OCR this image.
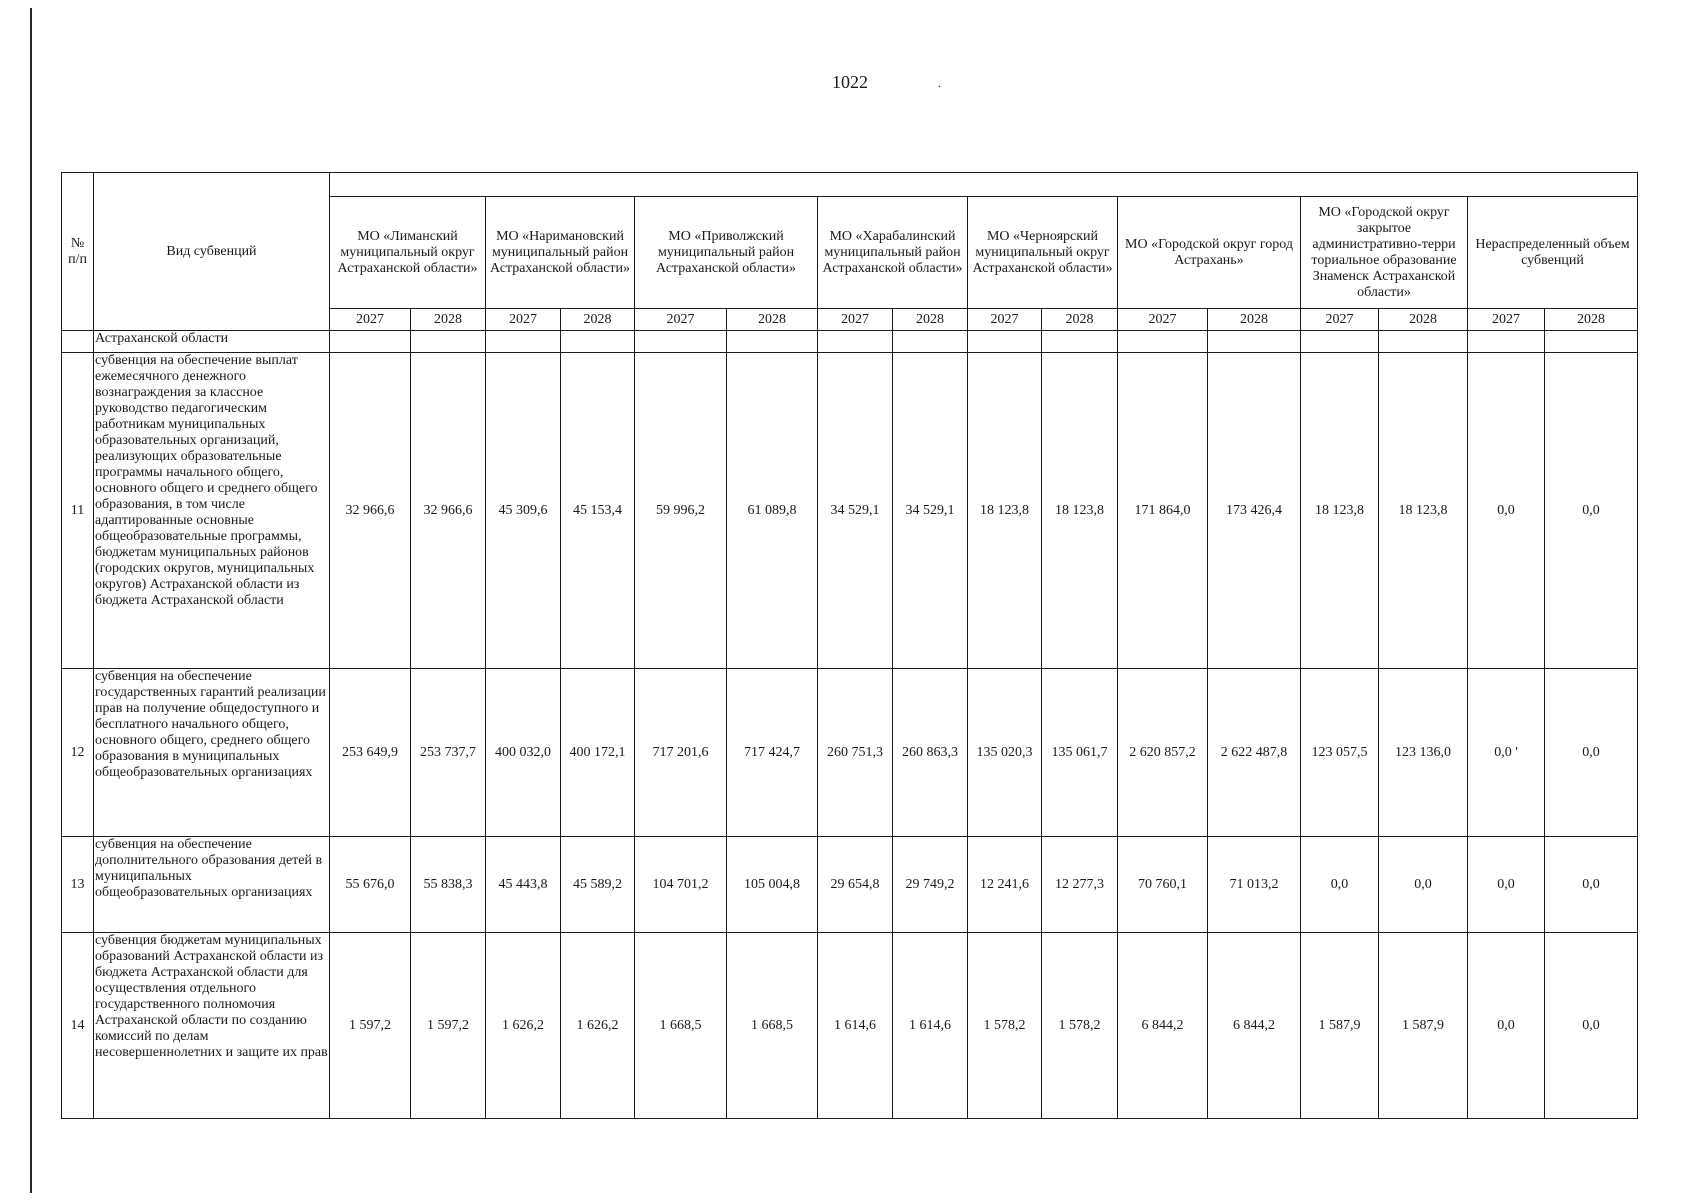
1022	.
№ п/п	Вид субвенций																
		МО «Лиманский муниципальный округ Астраханской области»		МО «Наримановский муниципальный район Астраханской области»		МО «Приволжский муниципальный район Астраханской области»		МО «Харабалинский муниципальный район Астраханской области»		МО «Черноярский муниципальный округ Астраханской области»		МО «Городской округ город Астрахань»		МО «Городской округ закрытое административно-терри ториальное образование Знаменск Астраханской области»		Нераспределенный объем субвенций	
		2027	2028	2027	2028	2027	2028	2027	2028	2027	2028	2027	2028	2027	2028	2027	2028
	Астраханской области																
11	субвенция на обеспечение выплат ежемесячного денежного вознаграждения за классное руководство педагогическим работникам муниципальных образовательных организаций, реализующих образовательные программы начального общего, основного общего и среднего общего образования, в том числе адаптированные основные общеобразовательные программы, бюджетам муниципальных районов (городских округов, муниципальных округов) Астраханской области из бюджета Астраханской области	32 966,6	32 966,6	45 309,6	45 153,4	59 996,2	61 089,8	34 529,1	34 529,1	18 123,8	18 123,8	171 864,0	173 426,4	18 123,8	18 123,8	0,0	0,0
12	субвенция на обеспечение государственных гарантий реализации прав на получение общедоступного и бесплатного начального общего, основного общего, среднего общего образования в муниципальных общеобразовательных организациях	253 649,9	253 737,7	400 032,0	400 172,1	717 201,6	717 424,7	260 751,3	260 863,3	135 020,3	135 061,7	2 620 857,2	2 622 487,8	123 057,5	123 136,0	0,0 '	0,0
13	субвенция на обеспечение дополнительного образования детей в муниципальных общеобразовательных организациях	55 676,0	55 838,3	45 443,8	45 589,2	104 701,2	105 004,8	29 654,8	29 749,2	12 241,6	12 277,3	70 760,1	71 013,2	0,0	0,0	0,0	0,0
14	субвенция бюджетам муниципальных образований Астраханской области из бюджета Астраханской области для осуществления отдельного государственного полномочия Астраханской области по созданию комиссий по делам несовершеннолетних и защите их прав	1 597,2	1 597,2	1 626,2	1 626,2	1 668,5	1 668,5	1 614,6	1 614,6	1 578,2	1 578,2	6 844,2	6 844,2	1 587,9	1 587,9	0,0	0,0
